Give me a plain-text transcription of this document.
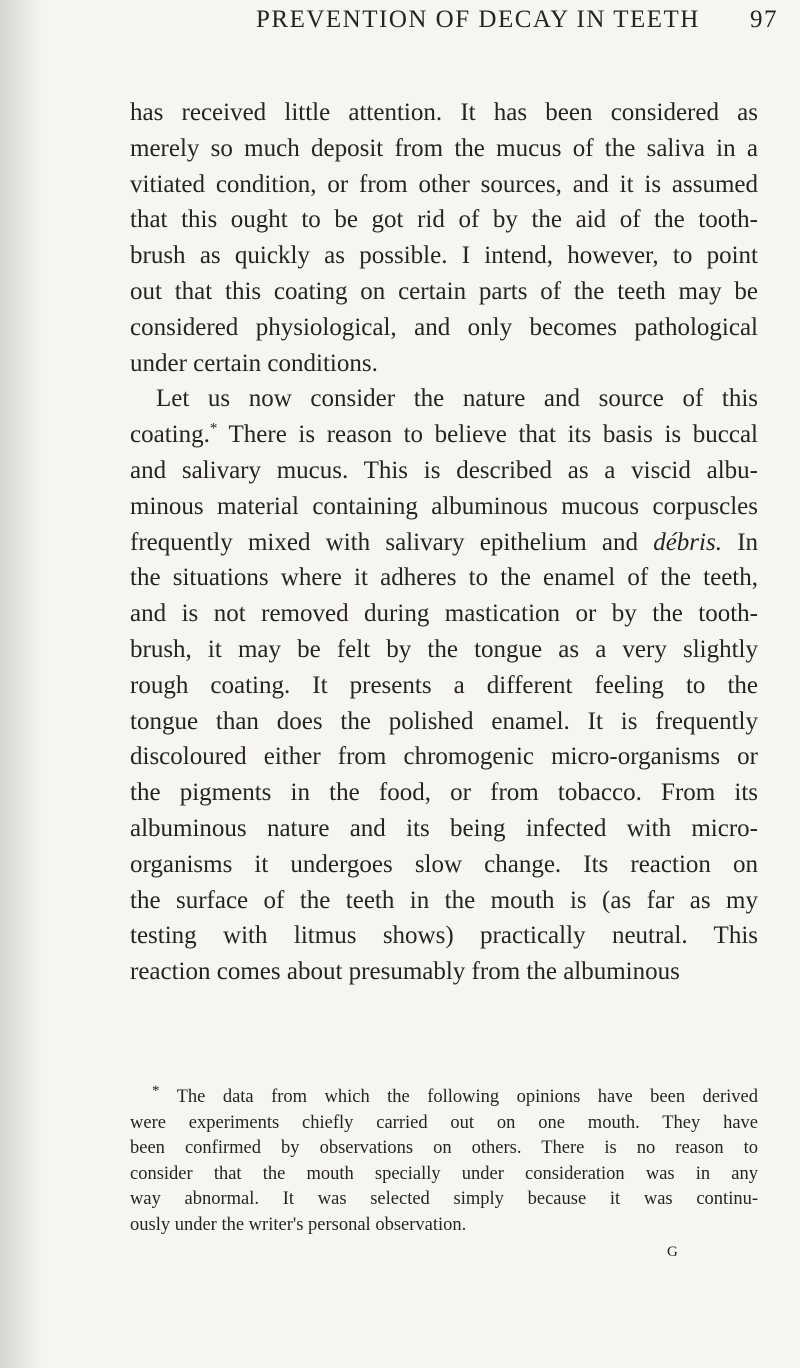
PREVENTION OF DECAY IN TEETH 97
has received little attention. It has been considered as
merely so much deposit from the mucus of the saliva in a
vitiated condition, or from other sources, and it is assumed
that this ought to be got rid of by the aid of the tooth-
brush as quickly as possible. I intend, however, to point
out that this coating on certain parts of the teeth may be
considered physiological, and only becomes pathological
under certain conditions.
Let us now consider the nature and source of this
coating.* There is reason to believe that its basis is buccal
and salivary mucus. This is described as a viscid albu-
minous material containing albuminous mucous corpuscles
frequently mixed with salivary epithelium and débris. In
the situations where it adheres to the enamel of the teeth,
and is not removed during mastication or by the tooth-
brush, it may be felt by the tongue as a very slightly
rough coating. It presents a different feeling to the
tongue than does the polished enamel. It is frequently
discoloured either from chromogenic micro-organisms or
the pigments in the food, or from tobacco. From its
albuminous nature and its being infected with micro-
organisms it undergoes slow change. Its reaction on
the surface of the teeth in the mouth is (as far as my
testing with litmus shows) practically neutral. This
reaction comes about presumably from the albuminous
* The data from which the following opinions have been derived
were experiments chiefly carried out on one mouth. They have
been confirmed by observations on others. There is no reason to
consider that the mouth specially under consideration was in any
way abnormal. It was selected simply because it was continu-
ously under the writer's personal observation.
G
